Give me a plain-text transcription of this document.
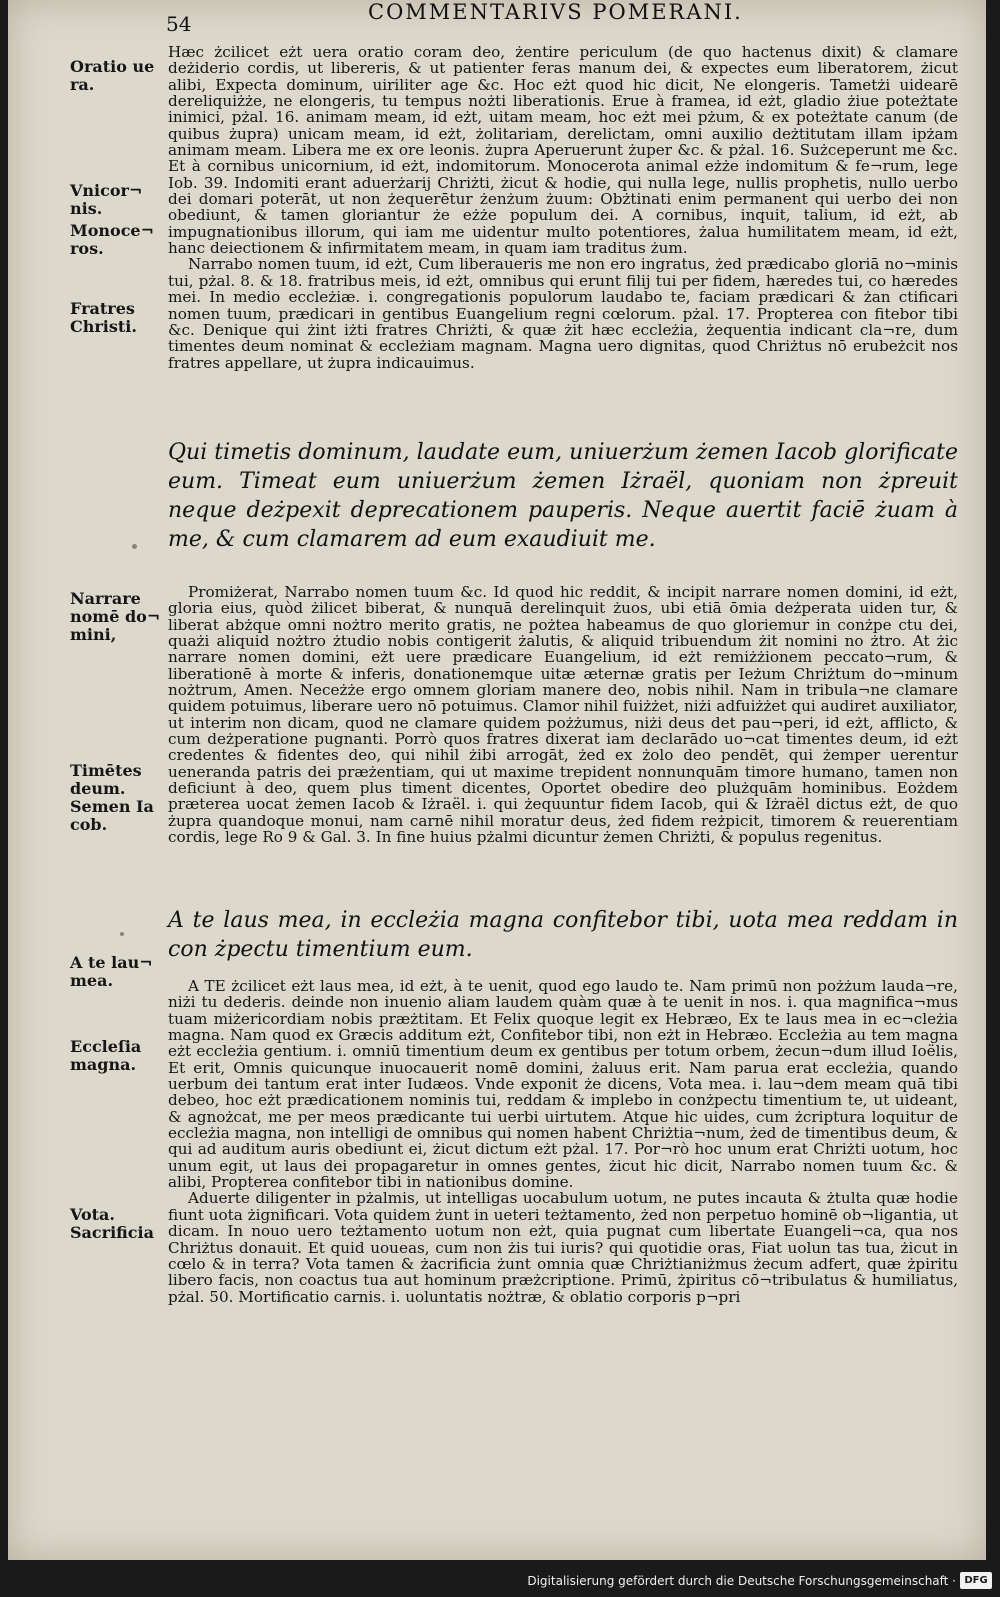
54	COMMENTARIVS POMERANI.
Oratio ue
ra.
Vnicor¬
nis.
Monoce¬
ros.
Fratres
Christi.
Narrare
nomē do¬
mini,
Timētes
deum.
Semen Ia
cob.
A te lau¬
mea.
Eccleſia
magna.
Vota.
Sacrificia

Hæc żcilicet eżt uera oratio coram deo, żentire periculum (de quo hactenus dixit) & clamare deżiderio cordis, ut libereris, & ut patienter feras manum dei, & expectes eum liberatorem, żicut alibi, Expecta dominum, uiriliter age &c. Hoc eżt quod hic dicit, Ne elongeris. Tametżi uidearē dereliquiżże, ne elongeris, tu tempus nożti liberationis. Erue à framea, id eżt, gladio żiue poteżtate inimici, pżal. 16. animam meam, id eżt, uitam meam, hoc eżt mei pżum, & ex poteżtate canum (de quibus żupra) unicam meam, id eżt, żolitariam, derelictam, omni auxilio deżtitutam illam ipżam animam meam. Libera me ex ore leonis. żupra Aperuerunt żuper &c. & pżal. 16. Sużceperunt me &c. Et à cornibus unicornium, id eżt, indomitorum. Monocerota animal eżże indomitum & fe¬rum, lege Iob. 39. Indomiti erant aduerżarij Chriżti, żicut & hodie, qui nulla lege, nullis prophetis, nullo uerbo dei domari poterāt, ut non żequerētur żenżum żuum: Obżtinati enim permanent qui uerbo dei non obediunt, & tamen gloriantur że eżże populum dei. A cornibus, inquit, talium, id eżt, ab impugnationibus illorum, qui iam me uidentur multo potentiores, żalua humilitatem meam, id eżt, hanc deiectionem & infirmitatem meam, in quam iam traditus żum.

Narrabo nomen tuum, id eżt, Cum liberaueris me non ero ingratus, żed prædicabo gloriā no¬minis tui, pżal. 8. & 18. fratribus meis, id eżt, omnibus qui erunt filij tui per fidem, hæredes tui, co hæredes mei. In medio eccleżiæ. i. congregationis populorum laudabo te, faciam prædicari & żan ctificari nomen tuum, prædicari in gentibus Euangelium regni cœlorum. pżal. 17. Propterea con fitebor tibi &c. Denique qui żint iżti fratres Chriżti, & quæ żit hæc eccleżia, żequentia indicant cla¬re, dum timentes deum nominat & eccleżiam magnam. Magna uero dignitas, quod Chriżtus nō erubeżcit nos fratres appellare, ut żupra indicauimus.

Qui timetis dominum, laudate eum, uniuerżum żemen Iacob glorificate eum. Timeat eum uniuerżum żemen Iżraël, quoniam non żpreuit neque deżpexit deprecationem pauperis. Neque auertit faciē żuam à me, & cum clamarem ad eum exaudiuit me.

Promiżerat, Narrabo nomen tuum &c. Id quod hic reddit, & incipit narrare nomen domini, id eżt, gloria eius, quòd żilicet biberat, & nunquā derelinquit żuos, ubi etiā ōmia deżperata uiden tur, & liberat abżque omni nożtro merito gratis, ne pożtea habeamus de quo gloriemur in conżpe ctu dei, quażi aliquid nożtro żtudio nobis contigerit żalutis, & aliquid tribuendum żit nomini no żtro. At żic narrare nomen domini, eżt uere prædicare Euangelium, id eżt remiżżionem peccato¬rum, & liberationē à morte & inferis, donationemque uitæ æternæ gratis per Ieżum Chriżtum do¬minum nożtrum, Amen. Neceżże ergo omnem gloriam manere deo, nobis nihil. Nam in tribula¬ne clamare quidem potuimus, liberare uero nō potuimus. Clamor nihil fuiżżet, niżi adfuiżżet qui audiret auxiliator, ut interim non dicam, quod ne clamare quidem pożżumus, niżi deus det pau¬peri, id eżt, afflicto, & cum deżperatione pugnanti. Porrò quos fratres dixerat iam declarādo uo¬cat timentes deum, id eżt credentes & fidentes deo, qui nihil żibi arrogāt, żed ex żolo deo pendēt, qui żemper uerentur ueneranda patris dei præżentiam, qui ut maxime trepident nonnunquām timore humano, tamen non deficiunt à deo, quem plus timent dicentes, Oportet obedire deo plużquām hominibus. Eożdem præterea uocat żemen Iacob & Iżraël. i. qui żequuntur fidem Iacob, qui & Iżraël dictus eżt, de quo żupra quandoque monui, nam carnē nihil moratur deus, żed fidem reżpicit, timorem & reuerentiam cordis, lege Ro 9 & Gal. 3. In fine huius pżalmi dicuntur żemen Chriżti, & populus regenitus.

A te laus mea, in eccleżia magna confitebor tibi, uota mea reddam in con żpectu timentium eum.

A TE żcilicet eżt laus mea, id eżt, à te uenit, quod ego laudo te. Nam primū non pożżum lauda¬re, niżi tu dederis. deinde non inuenio aliam laudem quàm quæ à te uenit in nos. i. qua magnifica¬mus tuam miżericordiam nobis præżtitam. Et Felix quoque legit ex Hebræo, Ex te laus mea in ec¬cleżia magna. Nam quod ex Græcis additum eżt, Confitebor tibi, non eżt in Hebræo. Eccleżia au tem magna eżt eccleżia gentium. i. omniū timentium deum ex gentibus per totum orbem, żecun¬dum illud Ioëlis, Et erit, Omnis quicunque inuocauerit nomē domini, żaluus erit. Nam parua erat eccleżia, quando uerbum dei tantum erat inter Iudæos. Vnde exponit że dicens, Vota mea. i. lau¬dem meam quā tibi debeo, hoc eżt prædicationem nominis tui, reddam & implebo in conżpectu timentium te, ut uideant, & agnożcat, me per meos prædicante tui uerbi uirtutem. Atque hic uides, cum żcriptura loquitur de eccleżia magna, non intelligi de omnibus qui nomen habent Chriżtia¬num, żed de timentibus deum, & qui ad auditum auris obediunt ei, żicut dictum eżt pżal. 17. Por¬rò hoc unum erat Chriżti uotum, hoc unum egit, ut laus dei propagaretur in omnes gentes, żicut hic dicit, Narrabo nomen tuum &c. & alibi, Propterea confitebor tibi in nationibus domine.

Aduerte diligenter in pżalmis, ut intelligas uocabulum uotum, ne putes incauta & żtulta quæ hodie fiunt uota żignificari. Vota quidem żunt in ueteri teżtamento, żed non perpetuo hominē ob¬ligantia, ut dicam. In nouo uero teżtamento uotum non eżt, quia pugnat cum libertate Euangeli¬ca, qua nos Chriżtus donauit. Et quid uoueas, cum non żis tui iuris? qui quotidie oras, Fiat uolun tas tua, żicut in cœlo & in terra? Vota tamen & żacrificia żunt omnia quæ Chriżtianiżmus żecum adfert, quæ żpiritu libero facis, non coactus tua aut hominum præżcriptione. Primū, żpiritus cō¬tribulatus & humiliatus, pżal. 50. Mortificatio carnis. i. uoluntatis nożtræ, & oblatio corporis p¬pri

Digitalisierung gefördert durch die Deutsche Forschungsgemeinschaft · DFG
